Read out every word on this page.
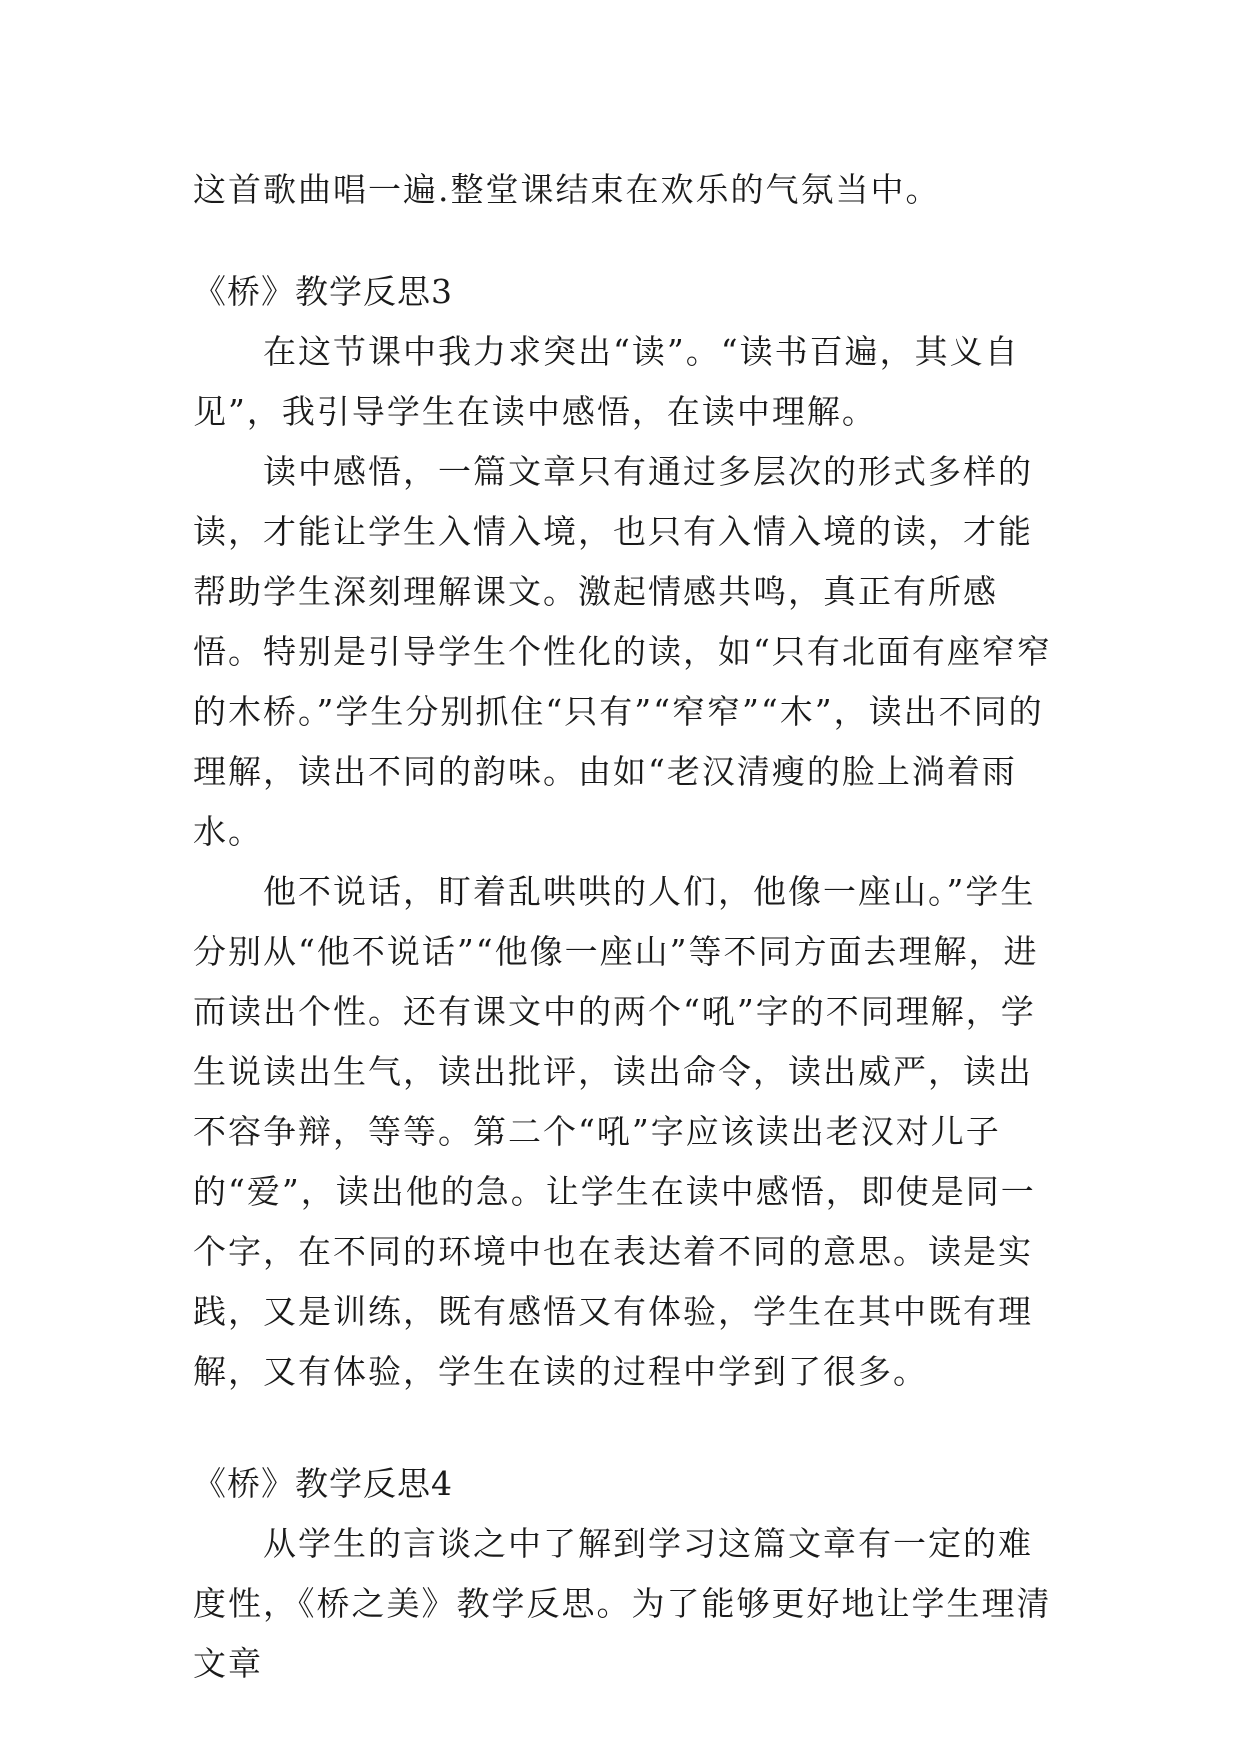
这首歌曲唱一遍.整堂课结束在欢乐的气氛当中。

《桥》教学反思3

在这节课中我力求突出“读”。“读书百遍，其义自见”，我引导学生在读中感悟，在读中理解。

读中感悟，一篇文章只有通过多层次的形式多样的读，才能让学生入情入境，也只有入情入境的读，才能帮助学生深刻理解课文。激起情感共鸣，真正有所感悟。特别是引导学生个性化的读，如“只有北面有座窄窄的木桥。”学生分别抓住“只有”“窄窄”“木”，读出不同的理解，读出不同的韵味。由如“老汉清瘦的脸上淌着雨水。

他不说话，盯着乱哄哄的人们，他像一座山。”学生分别从“他不说话”“他像一座山”等不同方面去理解，进而读出个性。还有课文中的两个“吼”字的不同理解，学生说读出生气，读出批评，读出命令，读出威严，读出不容争辩，等等。第二个“吼”字应该读出老汉对儿子的“爱”，读出他的急。让学生在读中感悟，即使是同一个字，在不同的环境中也在表达着不同的意思。读是实践，又是训练，既有感悟又有体验，学生在其中既有理解，又有体验，学生在读的过程中学到了很多。

《桥》教学反思4

从学生的言谈之中了解到学习这篇文章有一定的难度性，《桥之美》教学反思。为了能够更好地让学生理清文章
